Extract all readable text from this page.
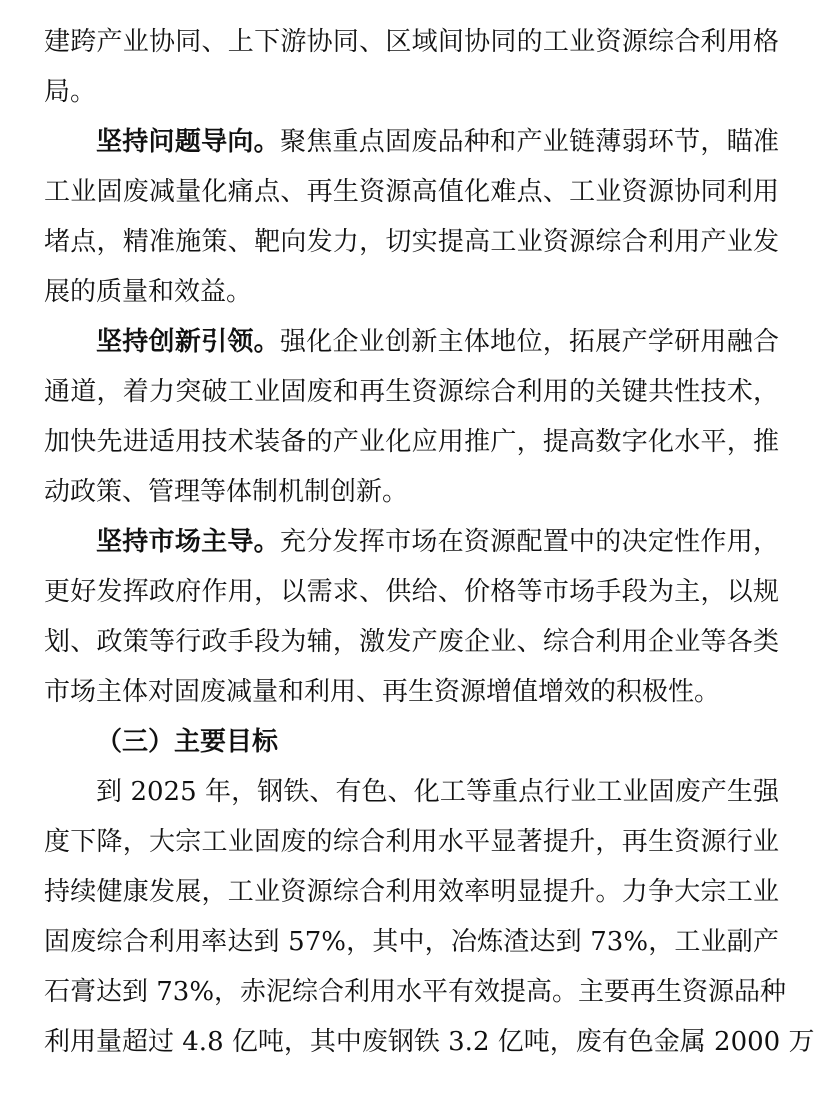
建跨产业协同、上下游协同、区域间协同的工业资源综合利用格
局。
坚持问题导向。聚焦重点固废品种和产业链薄弱环节，瞄准
工业固废减量化痛点、再生资源高值化难点、工业资源协同利用
堵点，精准施策、靶向发力，切实提高工业资源综合利用产业发
展的质量和效益。
坚持创新引领。强化企业创新主体地位，拓展产学研用融合
通道，着力突破工业固废和再生资源综合利用的关键共性技术，
加快先进适用技术装备的产业化应用推广，提高数字化水平，推
动政策、管理等体制机制创新。
坚持市场主导。充分发挥市场在资源配置中的决定性作用，
更好发挥政府作用，以需求、供给、价格等市场手段为主，以规
划、政策等行政手段为辅，激发产废企业、综合利用企业等各类
市场主体对固废减量和利用、再生资源增值增效的积极性。
（三）主要目标
到 2025 年，钢铁、有色、化工等重点行业工业固废产生强
度下降，大宗工业固废的综合利用水平显著提升，再生资源行业
持续健康发展，工业资源综合利用效率明显提升。力争大宗工业
固废综合利用率达到 57%，其中，冶炼渣达到 73%，工业副产
石膏达到 73%，赤泥综合利用水平有效提高。主要再生资源品种
利用量超过 4.8 亿吨，其中废钢铁 3.2 亿吨，废有色金属 2000 万
